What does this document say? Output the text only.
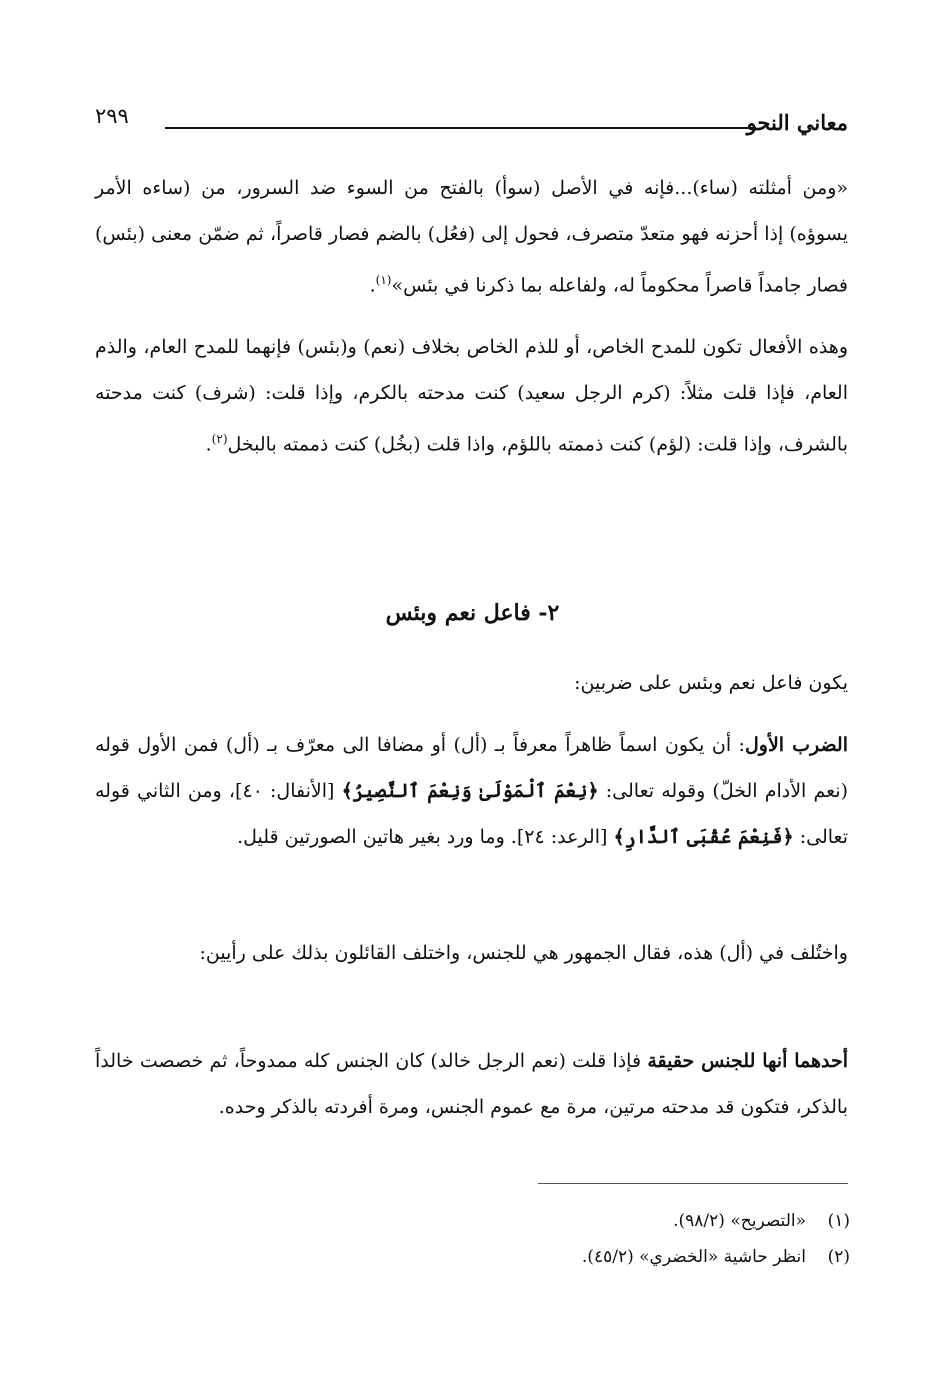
معاني النحو
٢٩٩

«ومن أمثلته (ساء)...فإنه في الأصل (سوأ) بالفتح من السوء ضد السرور، من (ساءه الأمر يسوؤه) إذا أحزنه فهو متعدّ متصرف، فحول إلى (فعُل) بالضم فصار قاصراً، ثم ضمّن معنى (بئس) فصار جامداً قاصراً محكوماً له، ولفاعله بما ذكرنا في بئس»$^{(١)}$.

وهذه الأفعال تكون للمدح الخاص، أو للذم الخاص بخلاف (نعم) و(بئس) فإنهما للمدح العام، والذم العام، فإذا قلت مثلاً: (كرم الرجل سعيد) كنت مدحته بالكرم، وإذا قلت: (شرف) كنت مدحته بالشرف، وإذا قلت: (لؤم) كنت ذممته باللؤم، واذا قلت (بخُل) كنت ذممته بالبخل$^{(٢)}$.

٢- فاعل نعم وبئس

يكون فاعل نعم وبئس على ضربين:

الضرب الأول: أن يكون اسماً ظاهراً معرفاً بـ (أل) أو مضافا الى معرّف بـ (أل) فمن الأول قوله (نعم الأدام الخلّ) وقوله تعالى: ﴿نِعْمَ ٱلْمَوْلَىٰ وَنِعْمَ ٱلنَّصِيرُ﴾ [الأنفال: ٤٠]، ومن الثاني قوله تعالى: ﴿فَنِعْمَ عُقْبَى ٱلدَّارِ﴾ [الرعد: ٢٤]. وما ورد بغير هاتين الصورتين قليل.

واختُلف في (أل) هذه، فقال الجمهور هي للجنس، واختلف القائلون بذلك على رأيين:

أحدهما أنها للجنس حقيقة فإذا قلت (نعم الرجل خالد) كان الجنس كله ممدوحاً، ثم خصصت خالداً بالذكر، فتكون قد مدحته مرتين، مرة مع عموم الجنس، ومرة أفردته بالذكر وحده.

(١)«التصريح» (٩٨/٢).
(٢)انظر حاشية «الخضري» (٤٥/٢).
